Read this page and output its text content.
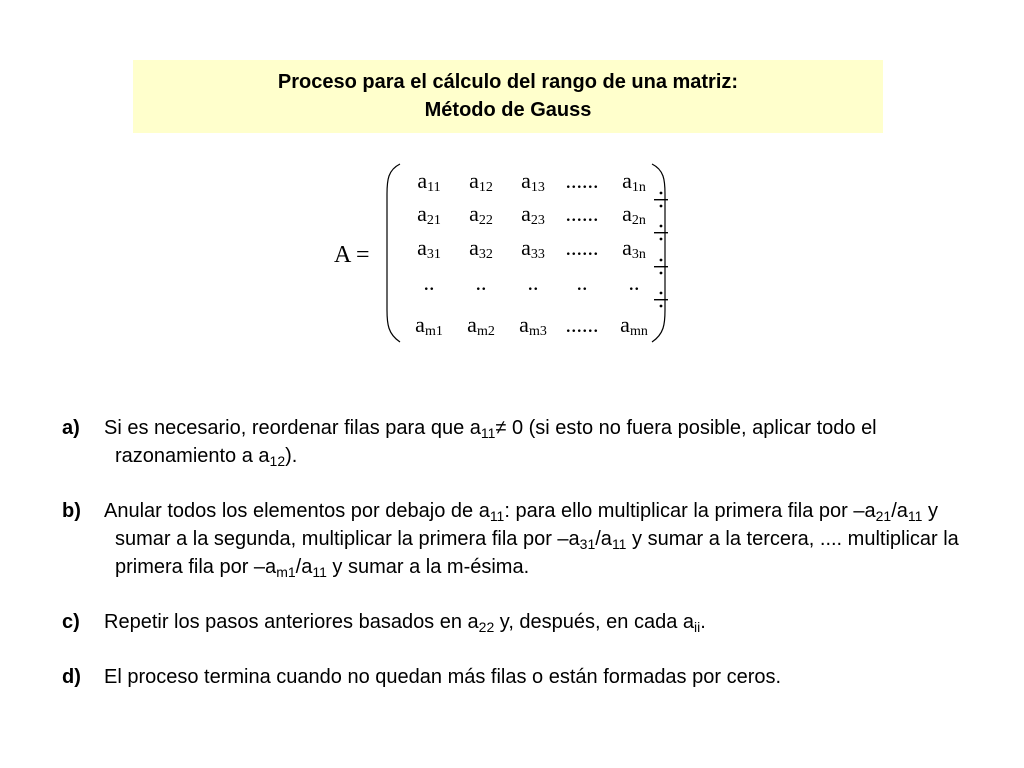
Proceso para el cálculo del rango de una matriz:
Método de Gauss
A =
$a_{11}$	$a_{12}$	$a_{13}$ ......	$a_{1n}$
$a_{21}$	$a_{22}$	$a_{23}$ ......	$a_{2n}$
$a_{31}$	$a_{32}$	$a_{33}$ ......	$a_{3n}$
..	..	..	..	..
$a_{m1}$	$a_{m2}$	$a_{m3}$ ...... $a_{mn}$
a) Si es necesario, reordenar filas para que $a_{11}\ne 0$ (si esto no fuera posible, aplicar todo el razonamiento a $a_{12}$).
b) Anular todos los elementos por debajo de $a_{11}$: para ello multiplicar la primera fila por $-a_{21}/a_{11}$ y sumar a la segunda, multiplicar la primera fila por $-a_{31}/a_{11}$ y sumar a la tercera, .... multiplicar la primera fila por $-a_{m1}/a_{11}$ y sumar a la m-ésima.
c) Repetir los pasos anteriores basados en $a_{22}$ y, después, en cada $a_{ii}$.
d) El proceso termina cuando no quedan más filas o están formadas por ceros.
